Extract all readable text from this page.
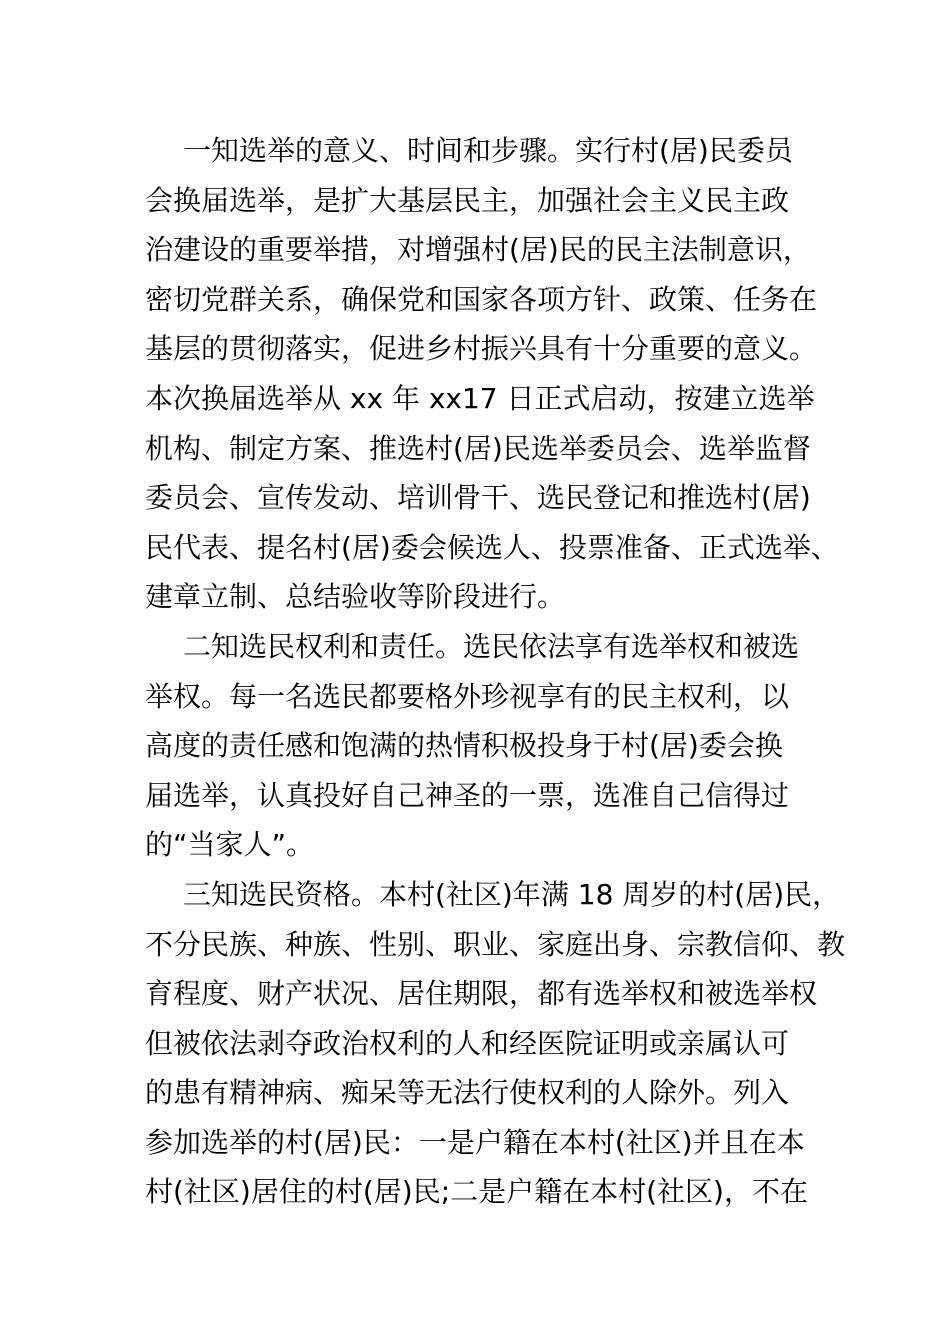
一知选举的意义、时间和步骤。实行村(居)民委员
会换届选举，是扩大基层民主，加强社会主义民主政
治建设的重要举措，对增强村(居)民的民主法制意识，
密切党群关系，确保党和国家各项方针、政策、任务在
基层的贯彻落实，促进乡村振兴具有十分重要的意义。
本次换届选举从 xx 年 xx17 日正式启动，按建立选举
机构、制定方案、推选村(居)民选举委员会、选举监督
委员会、宣传发动、培训骨干、选民登记和推选村(居)
民代表、提名村(居)委会候选人、投票准备、正式选举、
建章立制、总结验收等阶段进行。
二知选民权利和责任。选民依法享有选举权和被选
举权。每一名选民都要格外珍视享有的民主权利，以
高度的责任感和饱满的热情积极投身于村(居)委会换
届选举，认真投好自己神圣的一票，选准自己信得过
的“当家人”。
三知选民资格。本村(社区)年满 18 周岁的村(居)民，
不分民族、种族、性别、职业、家庭出身、宗教信仰、教
育程度、财产状况、居住期限，都有选举权和被选举权
但被依法剥夺政治权利的人和经医院证明或亲属认可
的患有精神病、痴呆等无法行使权利的人除外。列入
参加选举的村(居)民：一是户籍在本村(社区)并且在本
村(社区)居住的村(居)民;二是户籍在本村(社区)，不在
